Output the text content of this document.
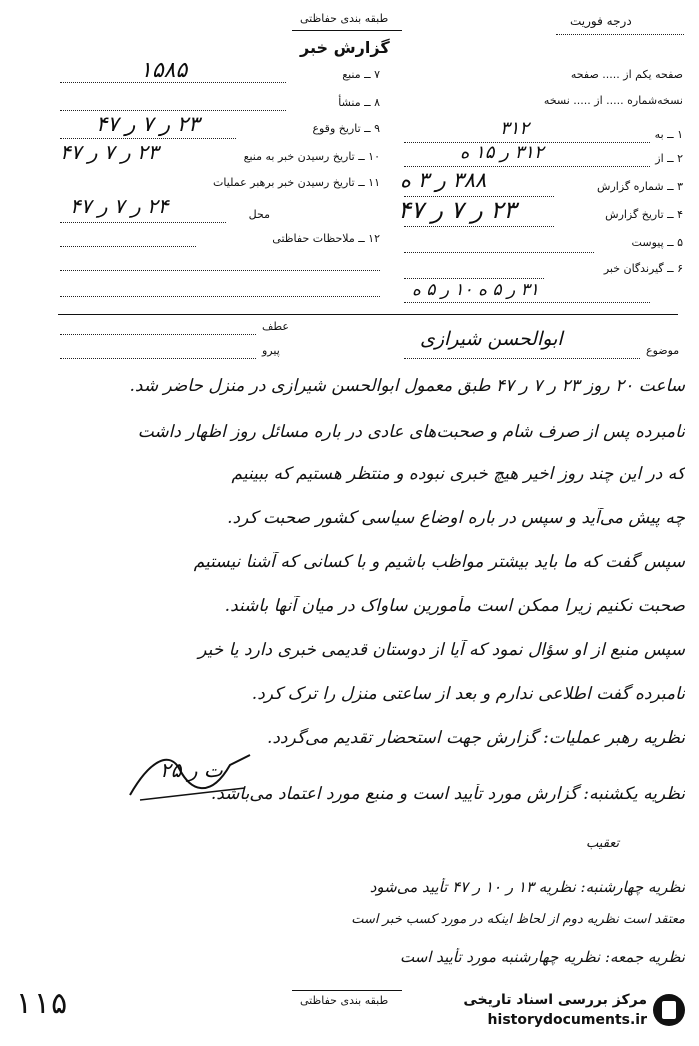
طبقه بندی حفاظتی
گزارش خبر
درجه فوریت
صفحه یکم از ..... صفحه
نسخه‌شماره ..... از ..... نسخه
۱ ــ به
۳۱۲
۲ ــ از
۳۱۲ ر ۱۵ ه
۳ ــ شماره گزارش
۳۸۸ ر ۳ ه
۴ ــ تاریخ گزارش
۲۳ ر ۷ ر ۴۷
۵ ــ پیوست
۶ ــ گیرندگان خبر
۳۱ ر ۵ ه ۱۰ ر ۵ ه
۷ ــ منبع
۱۵۸۵
۸ ــ منشأ
۹ ــ تاریخ وقوع
۲۳ ر ۷ ر ۴۷
۱۰ ــ تاریخ رسیدن خبر به منبع
۲۳ ر ۷ ر ۴۷
۱۱ ــ تاریخ رسیدن خبر برهبر عملیات
محل
۲۴ ر ۷ ر ۴۷
۱۲ ــ ملاحظات حفاظتی
عطف
پیرو	موضوع
ابوالحسن شیرازی
ساعت ۲۰ روز ۲۳ ر ۷ ر ۴۷ طبق معمول ابوالحسن شیرازی در منزل حاضر شد.
نامبرده پس از صرف شام و صحبت‌های عادی در باره مسائل روز اظهار داشت
که در این چند روز اخیر هیچ خبری نبوده و منتظر هستیم که ببینیم
چه پیش می‌آید و سپس در باره اوضاع سیاسی کشور صحبت کرد.
سپس گفت که ما باید بیشتر مواظب باشیم و با کسانی که آشنا نیستیم
صحبت نکنیم زیرا ممکن است مأمورین ساواک در میان آنها باشند.
سپس منبع از او سؤال نمود که آیا از دوستان قدیمی خبری دارد یا خیر
نامبرده گفت اطلاعی ندارم و بعد از ساعتی منزل را ترک کرد.
نظریه رهبر عملیات: گزارش جهت استحضار تقدیم می‌گردد.
نظریه یکشنبه: گزارش مورد تأیید است و منبع مورد اعتماد می‌باشد.
ت ر ۲۵
تعقیب
نظریه چهارشنبه: نظریه ۱۳ ر ۱۰ ر ۴۷ تأیید می‌شود
معتقد است نظریه دوم از لحاظ اینکه در مورد کسب خبر است
نظریه جمعه: نظریه چهارشنبه مورد تأیید است
طبقه بندی حفاظتی
۱۱۵	مرکز بررسی اسناد تاریخی
historydocuments.ir
